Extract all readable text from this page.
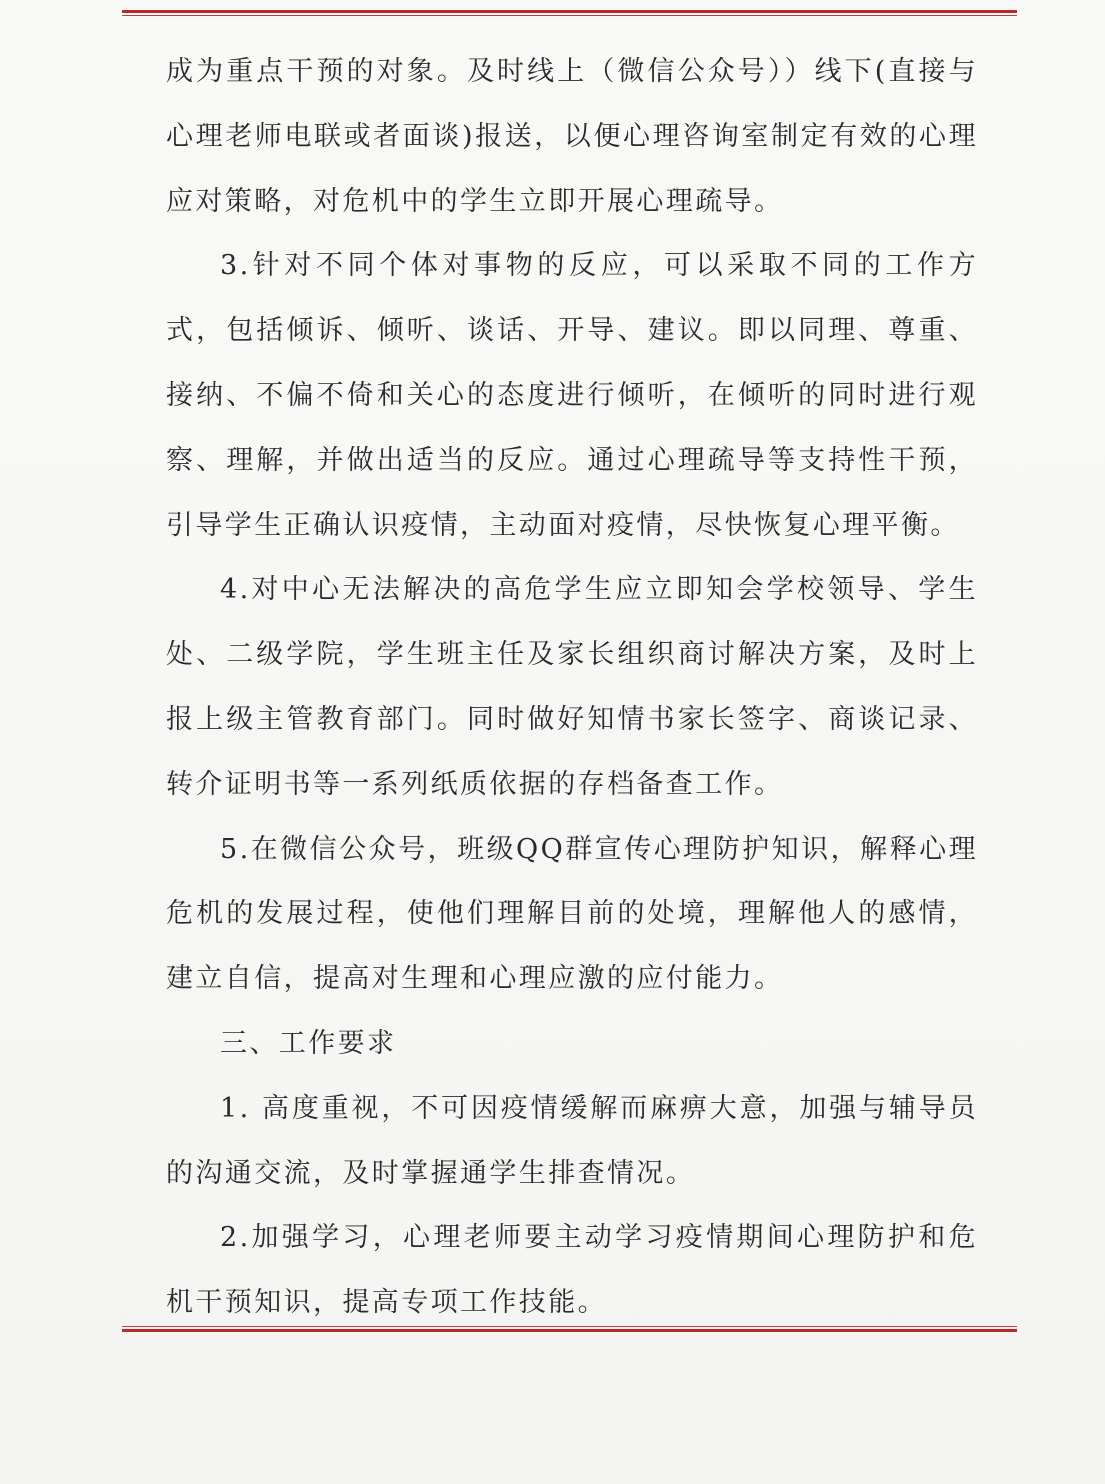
成为重点干预的对象。及时线上（微信公众号））线下(直接与心理老师电联或者面谈)报送，以便心理咨询室制定有效的心理应对策略，对危机中的学生立即开展心理疏导。

3.针对不同个体对事物的反应，可以采取不同的工作方式，包括倾诉、倾听、谈话、开导、建议。即以同理、尊重、接纳、不偏不倚和关心的态度进行倾听，在倾听的同时进行观察、理解，并做出适当的反应。通过心理疏导等支持性干预，引导学生正确认识疫情，主动面对疫情，尽快恢复心理平衡。

4.对中心无法解决的高危学生应立即知会学校领导、学生处、二级学院，学生班主任及家长组织商讨解决方案，及时上报上级主管教育部门。同时做好知情书家长签字、商谈记录、转介证明书等一系列纸质依据的存档备查工作。

5.在微信公众号，班级QQ群宣传心理防护知识，解释心理危机的发展过程，使他们理解目前的处境，理解他人的感情，建立自信，提高对生理和心理应激的应付能力。

三、工作要求

1. 高度重视，不可因疫情缓解而麻痹大意，加强与辅导员的沟通交流，及时掌握通学生排查情况。

2.加强学习，心理老师要主动学习疫情期间心理防护和危机干预知识，提高专项工作技能。
